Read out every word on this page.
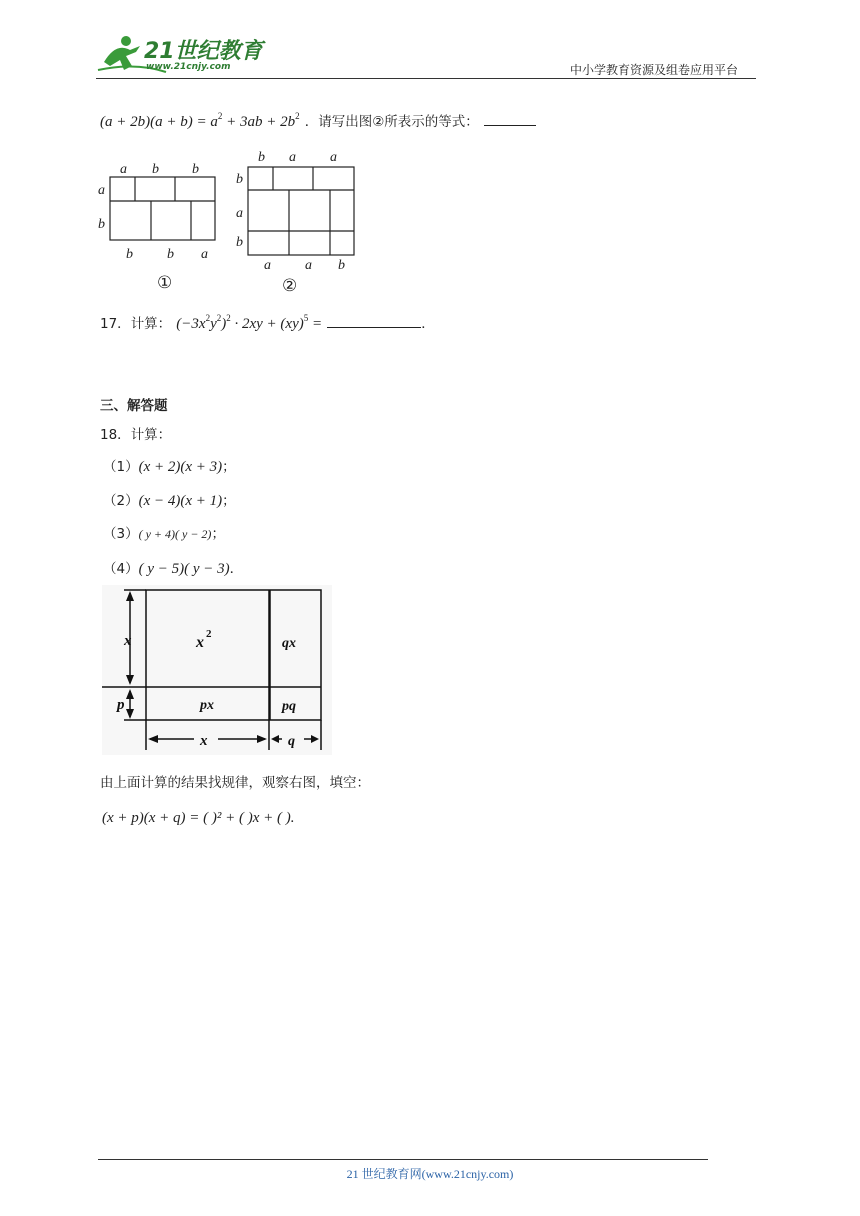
21世纪教育
www.21cnjy.com	中小学教育资源及组卷应用平台
$(a + 2b)(a + b) = a^2 + 3ab + 2b^2$ ．请写出图②所表示的等式：
a b b
a
b
b b a
①
b a a
b
a
b
a a b
②
17．计算： $(-3x^2y^2)^2 \cdot 2xy + (xy)^5$ =	．
三、解答题
18．计算：
（1）(x + 2)(x + 3)；
（2）(x − 4)(x + 1)；
（3）( y + 4)( y − 2)；
（4）( y − 5)( y − 3)．
x
p
x 2
qx
px	pq
x	q
由上面计算的结果找规律，观察右图，填空：
(x + p)(x + q) = ( )² + ( )x + ( ).
21 世纪教育网(www.21cnjy.com)
